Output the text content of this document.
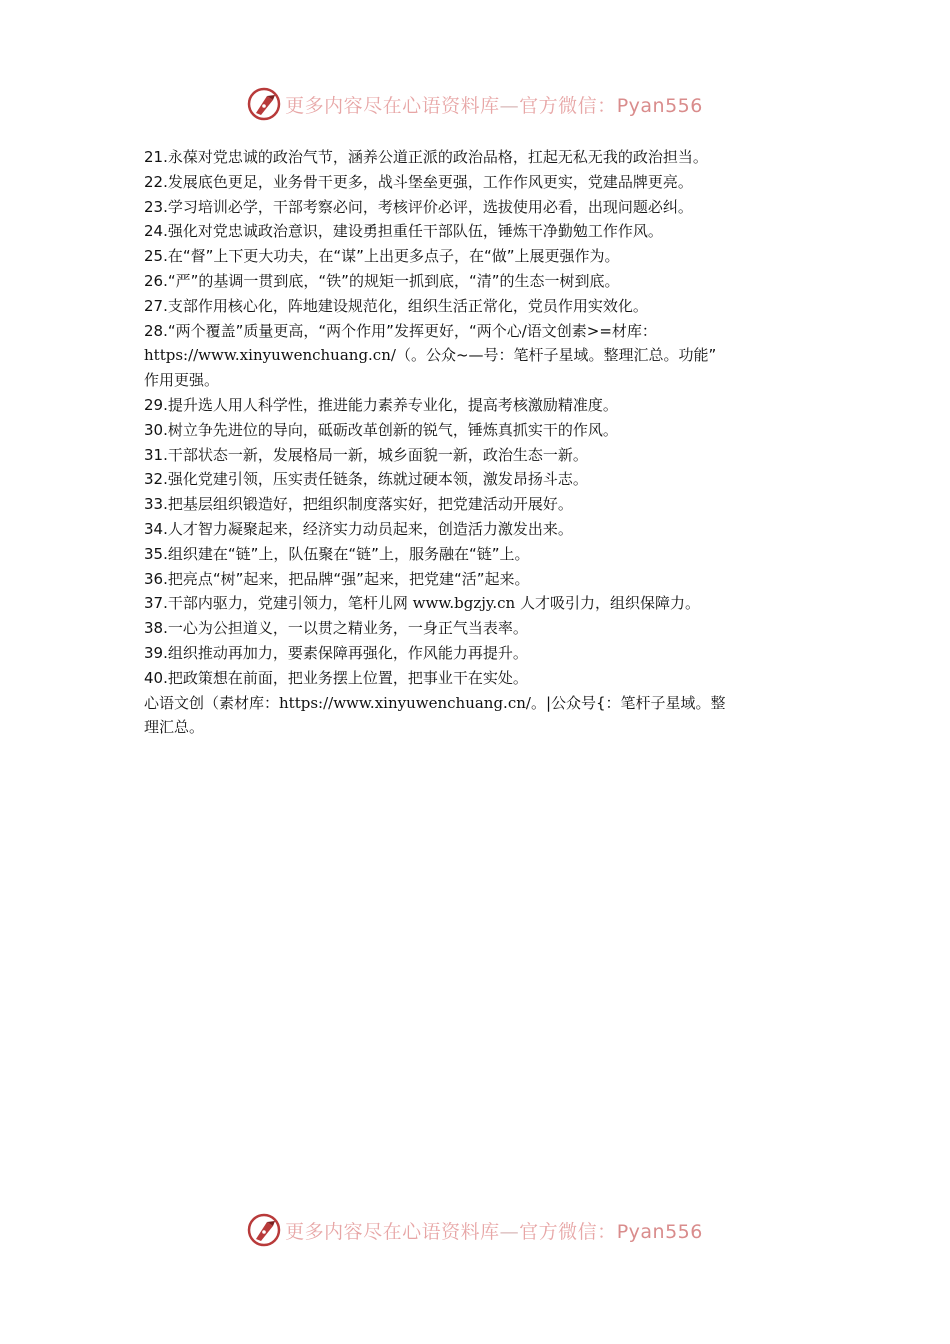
更多内容尽在心语资料库—官方微信：Pyan556

21.永葆对党忠诚的政治气节，涵养公道正派的政治品格，扛起无私无我的政治担当。

22.发展底色更足，业务骨干更多，战斗堡垒更强，工作作风更实，党建品牌更亮。

23.学习培训必学，干部考察必问，考核评价必评，选拔使用必看，出现问题必纠。

24.强化对党忠诚政治意识，建设勇担重任干部队伍，锤炼干净勤勉工作作风。

25.在“督”上下更大功夫，在“谋”上出更多点子，在“做”上展更强作为。

26.“严”的基调一贯到底，“铁”的规矩一抓到底，“清”的生态一树到底。

27.支部作用核心化，阵地建设规范化，组织生活正常化，党员作用实效化。

28.“两个覆盖”质量更高，“两个作用”发挥更好，“两个心/语文创素>=材库：
https://www.xinyuwenchuang.cn/（。公众~—号：笔杆子星域。整理汇总。功能”
作用更强。

29.提升选人用人科学性，推进能力素养专业化，提高考核激励精准度。

30.树立争先进位的导向，砥砺改革创新的锐气，锤炼真抓实干的作风。

31.干部状态一新，发展格局一新，城乡面貌一新，政治生态一新。

32.强化党建引领，压实责任链条，练就过硬本领，激发昂扬斗志。

33.把基层组织锻造好，把组织制度落实好，把党建活动开展好。

34.人才智力凝聚起来，经济实力动员起来，创造活力激发出来。

35.组织建在“链”上，队伍聚在“链”上，服务融在“链”上。

36.把亮点“树”起来，把品牌“强”起来，把党建“活”起来。

37.干部内驱力，党建引领力，笔杆儿网 www.bgzjy.cn 人才吸引力，组织保障力。

38.一心为公担道义，一以贯之精业务，一身正气当表率。

39.组织推动再加力，要素保障再强化，作风能力再提升。

40.把政策想在前面，把业务摆上位置，把事业干在实处。

心语文创（素材库：https://www.xinyuwenchuang.cn/。|公众号{：笔杆子星域。整
理汇总。

更多内容尽在心语资料库—官方微信：Pyan556
